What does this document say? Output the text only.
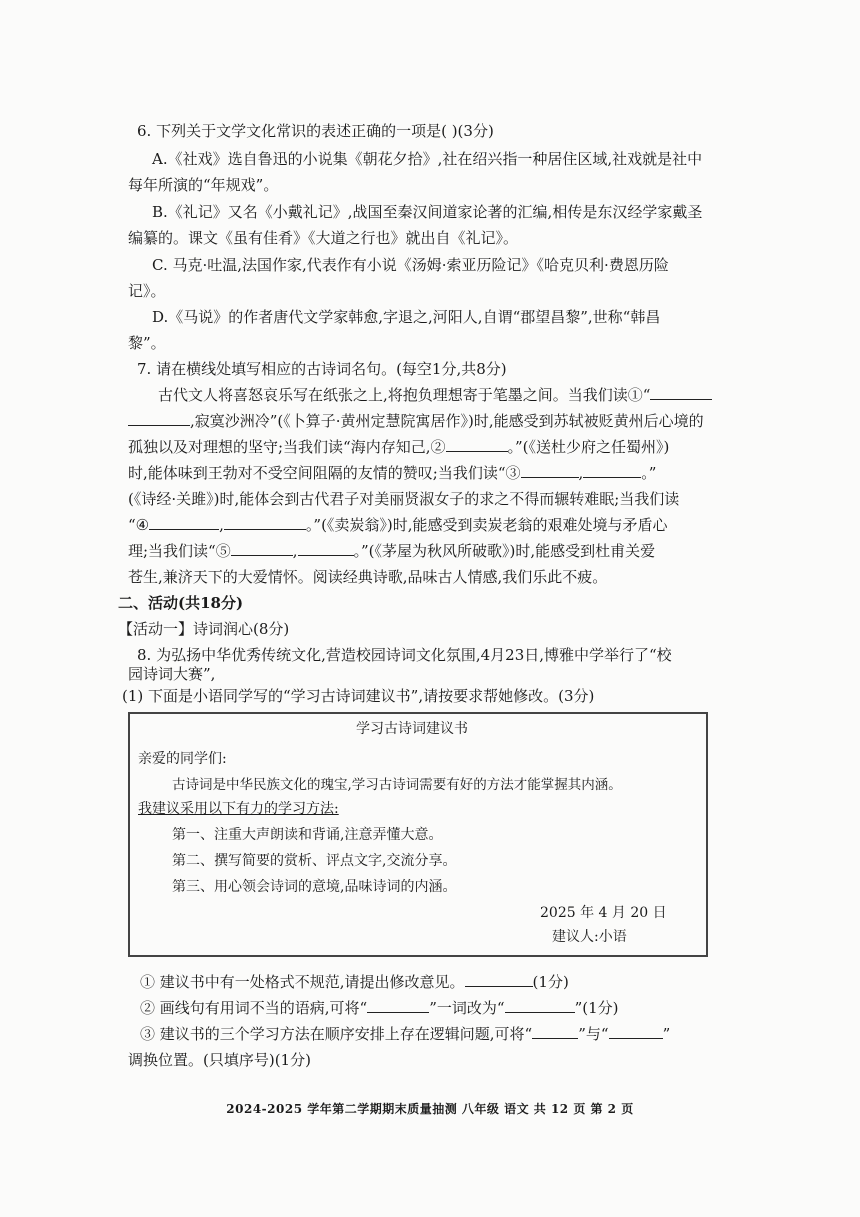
6. 下列关于文学文化常识的表述正确的一项是( )(3分)
A.《社戏》选自鲁迅的小说集《朝花夕拾》,社在绍兴指一种居住区域,社戏就是社中
每年所演的“年规戏”。
B.《礼记》又名《小戴礼记》,战国至秦汉间道家论著的汇编,相传是东汉经学家戴圣
编纂的。课文《虽有佳肴》《大道之行也》就出自《礼记》。
C. 马克·吐温,法国作家,代表作有小说《汤姆·索亚历险记》《哈克贝利·费恩历险
记》。
D.《马说》的作者唐代文学家韩愈,字退之,河阳人,自谓“郡望昌黎”,世称“韩昌
黎”。
7. 请在横线处填写相应的古诗词名句。(每空1分,共8分)
古代文人将喜怒哀乐写在纸张之上,将抱负理想寄于笔墨之间。当我们读①“
,寂寞沙洲冷”(《卜算子·黄州定慧院寓居作》)时,能感受到苏轼被贬黄州后心境的
孤独以及对理想的坚守;当我们读“海内存知己,②	。”(《送杜少府之任蜀州》)
时,能体味到王勃对不受空间阻隔的友情的赞叹;当我们读“③	,	。”
(《诗经·关雎》)时,能体会到古代君子对美丽贤淑女子的求之不得而辗转难眠;当我们读
“④	,	。”(《卖炭翁》)时,能感受到卖炭老翁的艰难处境与矛盾心
理;当我们读“⑤	,	。”(《茅屋为秋风所破歌》)时,能感受到杜甫关爱
苍生,兼济天下的大爱情怀。阅读经典诗歌,品味古人情感,我们乐此不疲。
二、活动(共18分)
【活动一】诗词润心(8分)
8. 为弘扬中华优秀传统文化,营造校园诗词文化氛围,4月23日,博雅中学举行了“校
园诗词大赛”,
(1) 下面是小语同学写的“学习古诗词建议书”,请按要求帮她修改。(3分)
学习古诗词建议书
亲爱的同学们:
古诗词是中华民族文化的瑰宝,学习古诗词需要有好的方法才能掌握其内涵。
我建议采用以下有力的学习方法:
第一、注重大声朗读和背诵,注意弄懂大意。
第二、撰写简要的赏析、评点文字,交流分享。
第三、用心领会诗词的意境,品味诗词的内涵。
2025 年 4 月 20 日
建议人:小语
① 建议书中有一处格式不规范,请提出修改意见。	(1分)
② 画线句有用词不当的语病,可将“	”一词改为“	”(1分)
③ 建议书的三个学习方法在顺序安排上存在逻辑问题,可将“	”与“	”
调换位置。(只填序号)(1分)
2024-2025 学年第二学期期末质量抽测 八年级 语文 共 12 页 第 2 页
